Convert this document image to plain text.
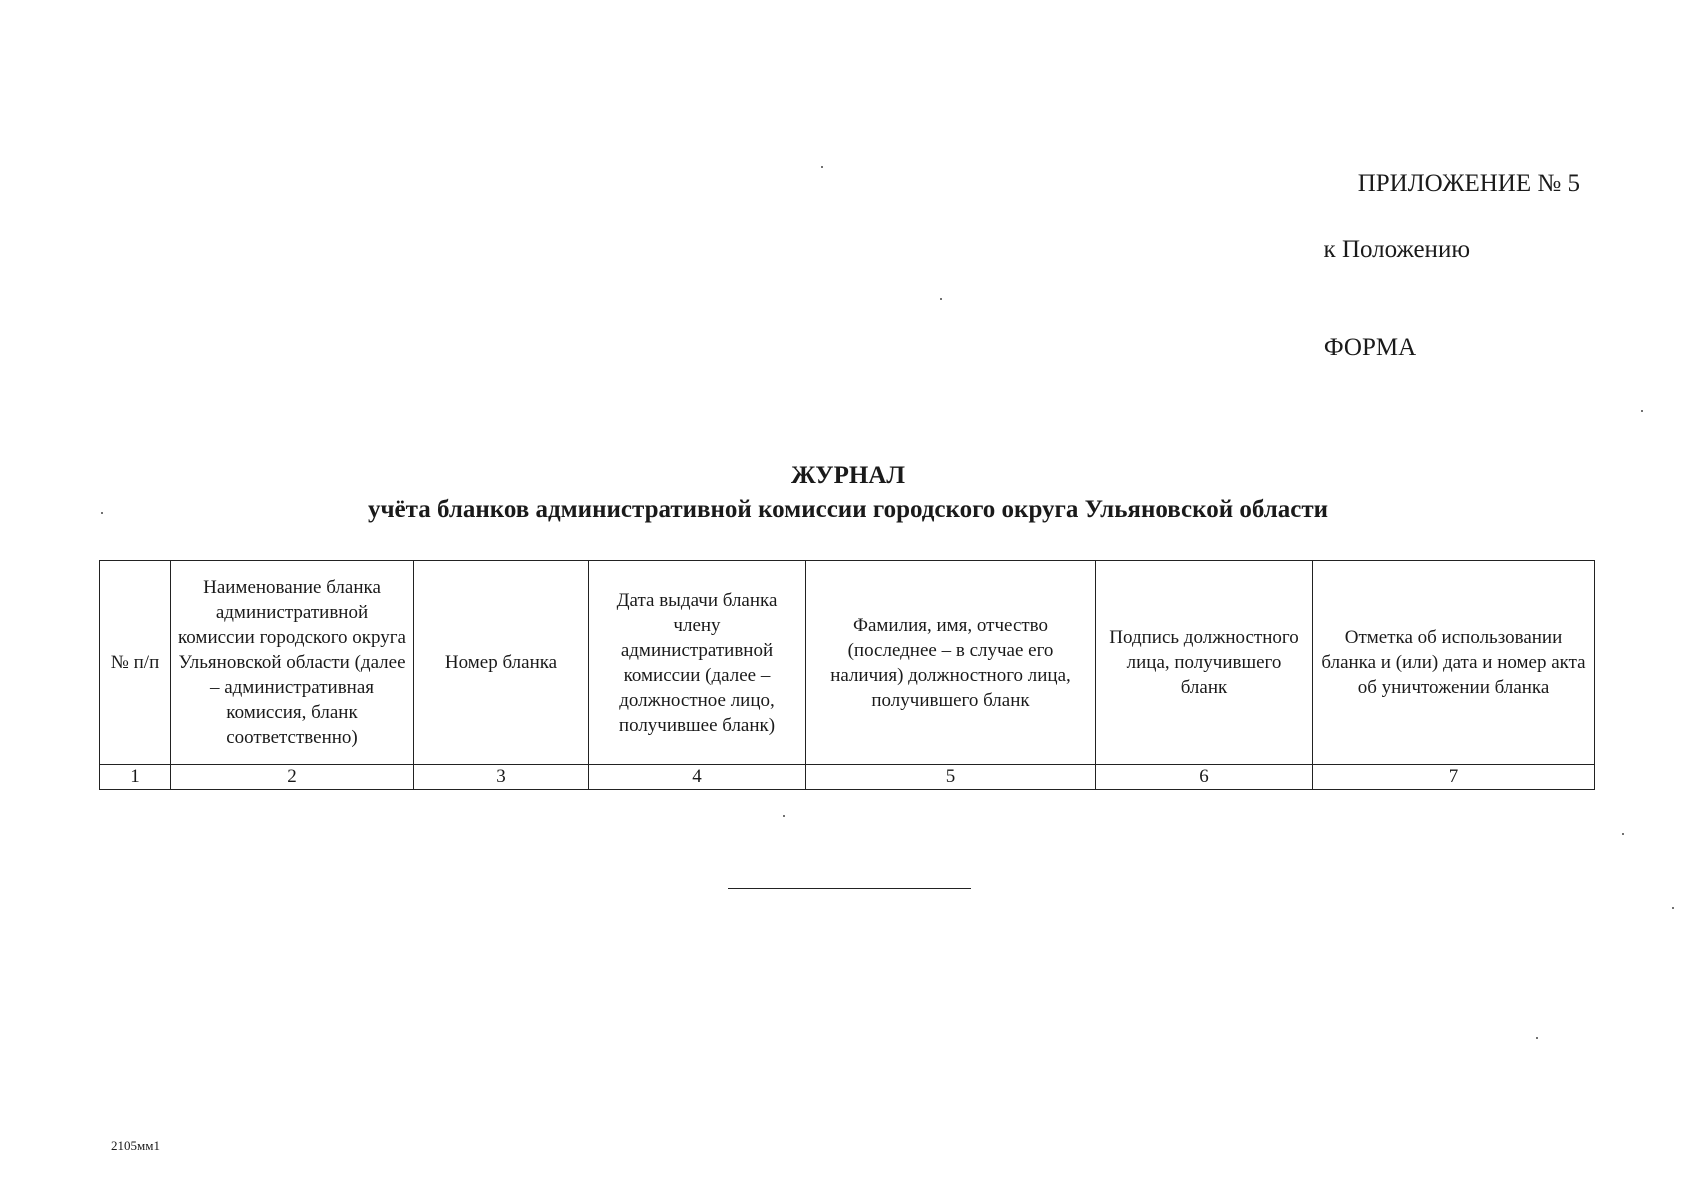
ПРИЛОЖЕНИЕ № 5
к Положению
ФОРМА
ЖУРНАЛ
учёта бланков административной комиссии городского округа Ульяновской области
№ п/п	Наименование бланка административной комиссии городского округа Ульяновской области (далее – административная комиссия, бланк соответственно)	Номер бланка	Дата выдачи бланка члену административной комиссии (далее – должностное лицо, получившее бланк)	Фамилия, имя, отчество (последнее – в случае его наличия) должностного лица, получившего бланк	Подпись должностного лица, получившего бланк	Отметка об использовании бланка и (или) дата и номер акта об уничтожении бланка
1	2	3	4	5	6	7
2105мм1
